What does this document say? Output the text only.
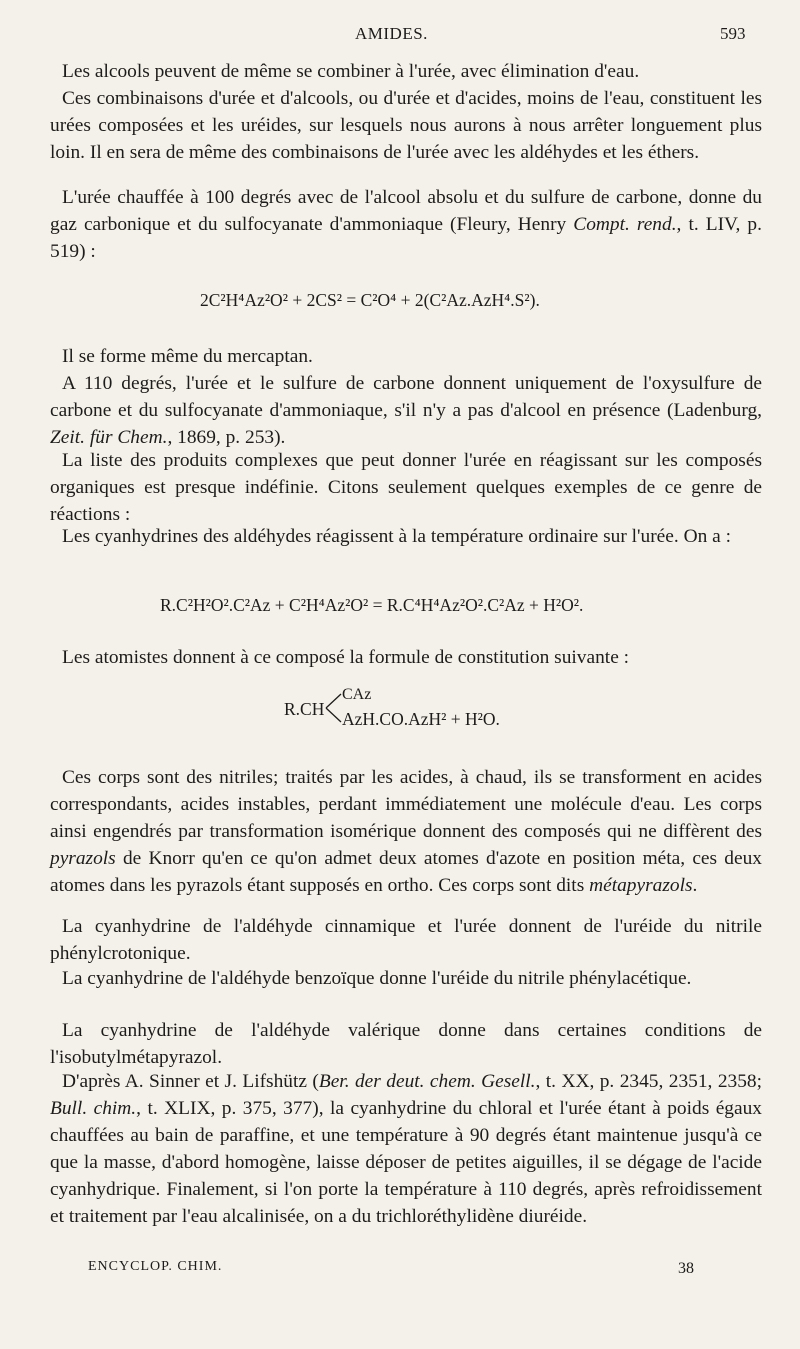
AMIDES.	593

Les alcools peuvent de même se combiner à l'urée, avec élimination d'eau.

Ces combinaisons d'urée et d'alcools, ou d'urée et d'acides, moins de l'eau, constituent les urées composées et les uréides, sur lesquels nous aurons à nous arrêter longuement plus loin. Il en sera de même des combinaisons de l'urée avec les aldéhydes et les éthers.

L'urée chauffée à 100 degrés avec de l'alcool absolu et du sulfure de carbone, donne du gaz carbonique et du sulfocyanate d'ammoniaque (Fleury, Henry Compt. rend., t. LIV, p. 519) :

2C²H⁴Az²O² + 2CS² = C²O⁴ + 2(C²Az.AzH⁴.S²).

Il se forme même du mercaptan.

A 110 degrés, l'urée et le sulfure de carbone donnent uniquement de l'oxysulfure de carbone et du sulfocyanate d'ammoniaque, s'il n'y a pas d'alcool en présence (Ladenburg, Zeit. für Chem., 1869, p. 253).

La liste des produits complexes que peut donner l'urée en réagissant sur les composés organiques est presque indéfinie. Citons seulement quelques exemples de ce genre de réactions :

Les cyanhydrines des aldéhydes réagissent à la température ordinaire sur l'urée. On a :

R.C²H²O².C²Az + C²H⁴Az²O² = R.C⁴H⁴Az²O².C²Az + H²O².

Les atomistes donnent à ce composé la formule de constitution suivante :

R.CH
CAz
AzH.CO.AzH² + H²O.

Ces corps sont des nitriles; traités par les acides, à chaud, ils se transforment en acides correspondants, acides instables, perdant immédiatement une molécule d'eau. Les corps ainsi engendrés par transformation isomérique donnent des composés qui ne diffèrent des pyrazols de Knorr qu'en ce qu'on admet deux atomes d'azote en position méta, ces deux atomes dans les pyrazols étant supposés en ortho. Ces corps sont dits métapyrazols.

La cyanhydrine de l'aldéhyde cinnamique et l'urée donnent de l'uréide du nitrile phénylcrotonique.

La cyanhydrine de l'aldéhyde benzoïque donne l'uréide du nitrile phénylacétique.

La cyanhydrine de l'aldéhyde valérique donne dans certaines conditions de l'isobutylmétapyrazol.

D'après A. Sinner et J. Lifshütz (Ber. der deut. chem. Gesell., t. XX, p. 2345, 2351, 2358; Bull. chim., t. XLIX, p. 375, 377), la cyanhydrine du chloral et l'urée étant à poids égaux chauffées au bain de paraffine, et une température à 90 degrés étant maintenue jusqu'à ce que la masse, d'abord homogène, laisse déposer de petites aiguilles, il se dégage de l'acide cyanhydrique. Finalement, si l'on porte la température à 110 degrés, après refroidissement et traitement par l'eau alcalinisée, on a du trichloréthylidène diuréide.

ENCYCLOP. CHIM.	38
